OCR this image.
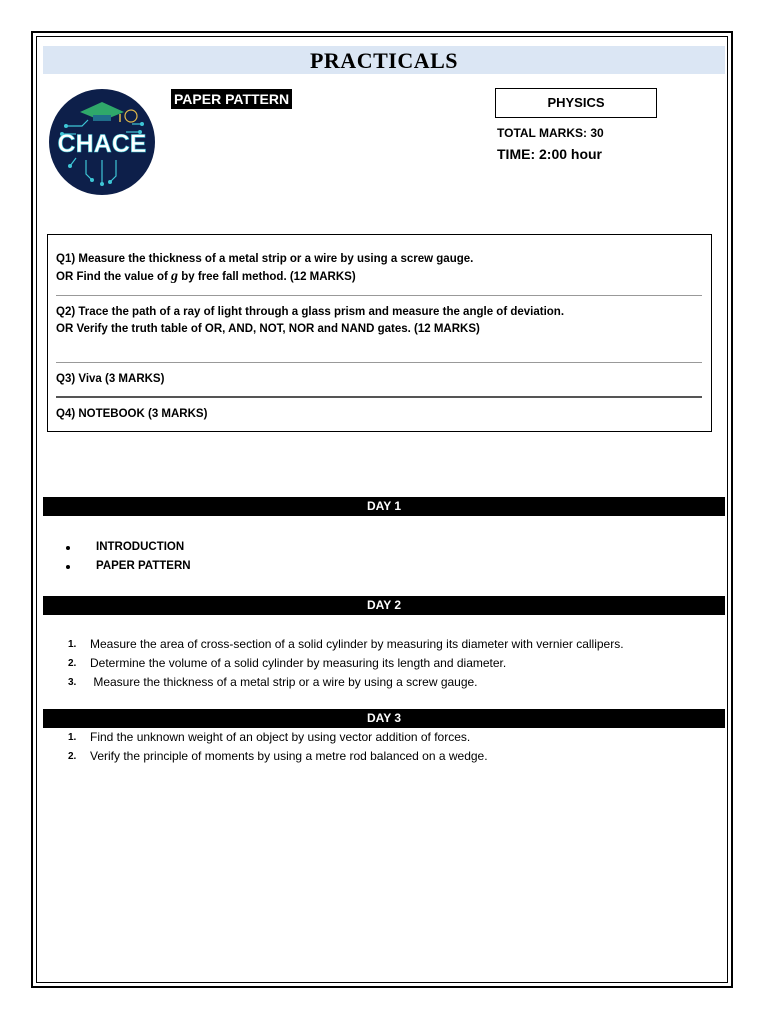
PRACTICALS
CHACE
PAPER PATTERN	PHYSICS
TOTAL MARKS: 30
TIME: 2:00 hour
Q1) Measure the thickness of a metal strip or a wire by using a screw gauge.
OR Find the value of g by free fall method. (12 MARKS)
Q2) Trace the path of a ray of light through a glass prism and measure the angle of deviation.
OR Verify the truth table of OR, AND, NOT, NOR and NAND gates. (12 MARKS)
Q3) Viva (3 MARKS)
Q4) NOTEBOOK (3 MARKS)
DAY 1
INTRODUCTION
PAPER PATTERN
DAY 2
1.	Measure the area of cross-section of a solid cylinder by measuring its diameter with vernier callipers.
2.	Determine the volume of a solid cylinder by measuring its length and diameter.
3.	Measure the thickness of a metal strip or a wire by using a screw gauge.
DAY 3
1.	Find the unknown weight of an object by using vector addition of forces.
2.	Verify the principle of moments by using a metre rod balanced on a wedge.
